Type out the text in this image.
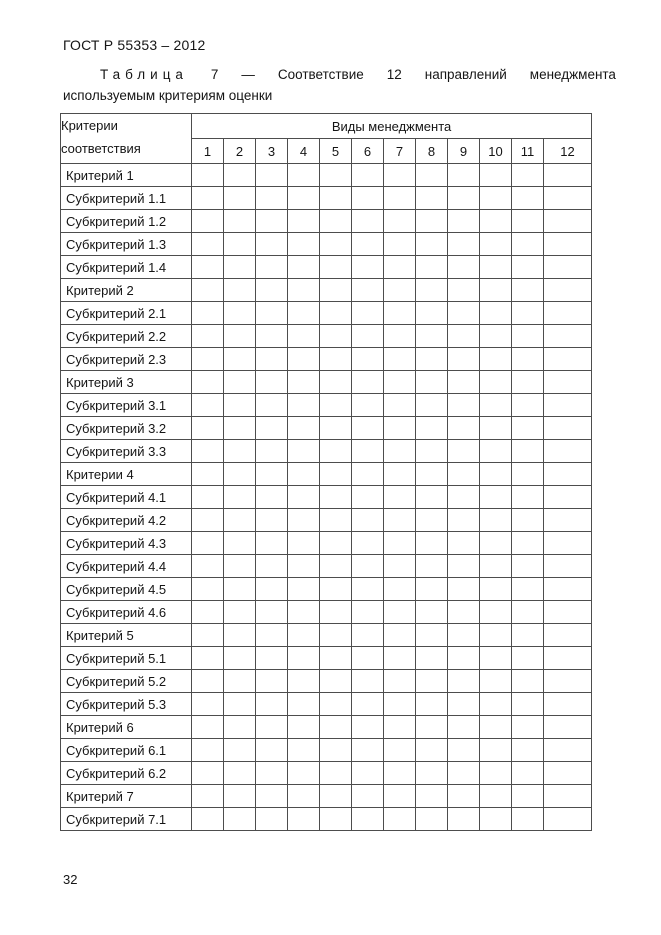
ГОСТ Р 55353 – 2012
Таблица 7 — Соответствие 12 направлений менеджмента
используемым критериям оценки
Критерии
соответствия	Виды менеджмента											
	1	2	3	4	5	6	7	8	9	10	11	12
Критерий 1												
Субкритерий 1.1												
Субкритерий 1.2												
Субкритерий 1.3												
Субкритерий 1.4												
Критерий 2												
Субкритерий 2.1												
Субкритерий 2.2												
Субкритерий 2.3												
Критерий 3												
Субкритерий 3.1												
Субкритерий 3.2												
Субкритерий 3.3												
Критерии 4												
Субкритерий 4.1												
Субкритерий 4.2												
Субкритерий 4.3												
Субкритерий 4.4												
Субкритерий 4.5												
Субкритерий 4.6												
Критерий 5												
Субкритерий 5.1												
Субкритерий 5.2												
Субкритерий 5.3												
Критерий 6												
Субкритерий 6.1												
Субкритерий 6.2												
Критерий 7												
Субкритерий 7.1												
32
